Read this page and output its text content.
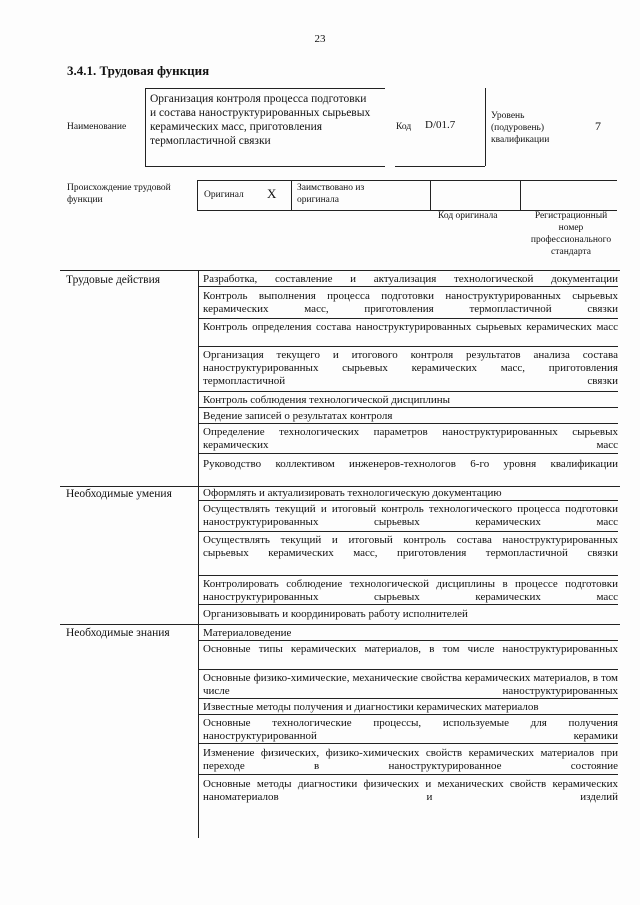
23
3.4.1. Трудовая функция
Наименование
Организация контроля процесса подготовки и состава наноструктурированных сырьевых керамических масс, приготовления термопластичной связки
Код D/01.7
Уровень (подуровень) квалификации
7
Происхождение трудовой функции	Оригинал X Заимствовано из оригинала
Код оригинала	Регистрационный номер профессионального стандарта
Трудовые действия
Необходимые умения
Необходимые знания
Разработка, составление и актуализация технологической документации
Контроль выполнения процесса подготовки наноструктурированных сырьевых керамических масс, приготовления термопластичной связки
Контроль определения состава наноструктурированных сырьевых керамических масс
Организация текущего и итогового контроля результатов анализа состава наноструктурированных сырьевых керамических масс, приготовления термопластичной связки
Контроль соблюдения технологической дисциплины
Ведение записей о результатах контроля
Определение технологических параметров наноструктурированных сырьевых керамических масс
Руководство коллективом инженеров-технологов 6-го уровня квалификации
Оформлять и актуализировать технологическую документацию
Осуществлять текущий и итоговый контроль технологического процесса подготовки наноструктурированных сырьевых керамических масс
Осуществлять текущий и итоговый контроль состава наноструктурированных сырьевых керамических масс, приготовления термопластичной связки
Контролировать соблюдение технологической дисциплины в процессе подготовки наноструктурированных сырьевых керамических масс
Организовывать и координировать работу исполнителей
Материаловедение
Основные типы керамических материалов, в том числе наноструктурированных
Основные физико-химические, механические свойства керамических материалов, в том числе наноструктурированных
Известные методы получения и диагностики керамических материалов
Основные технологические процессы, используемые для получения наноструктурированной керамики
Изменение физических, физико-химических свойств керамических материалов при переходе в наноструктурированное состояние
Основные методы диагностики физических и механических свойств керамических наноматериалов и изделий
